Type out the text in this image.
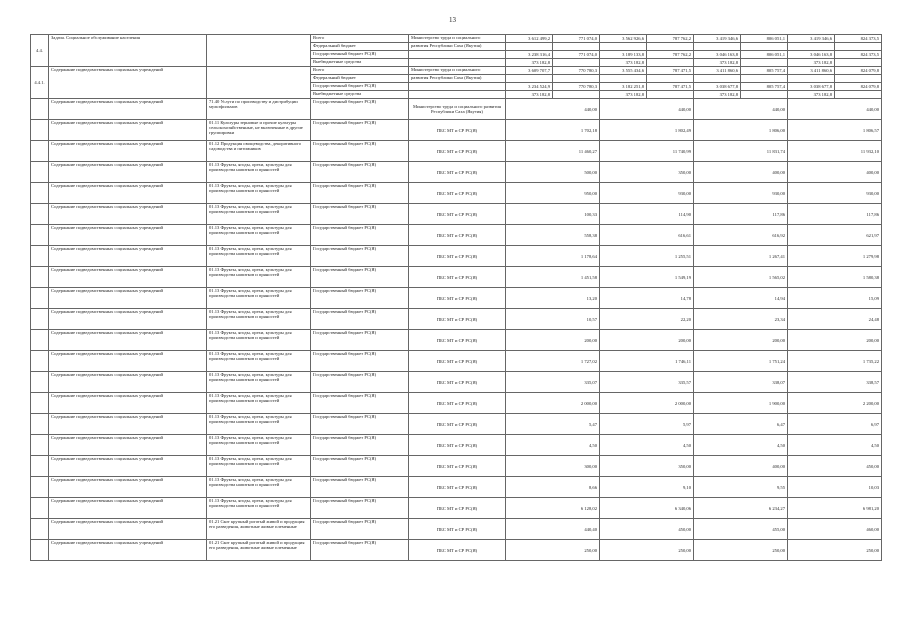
13
4.4.	Задача. Социальное обслуживание населения		Всего	Министерство труда и социального	3 612 499,2	771 074,0	3 562 926,6	787 762,2	3 419 346,6	806 051,1	3 419 346,6	824 373,5
			Федеральный бюджет	развития Республики Саха (Якутия)								
			Государственный бюджет РС(Я)		3 238 316,4	771 074,0	3 189 133,8	787 762,2	3 046 163,8	806 051,1	3 046 163,8	824 373,5
			Внебюджетные средства		373 182,8		373 182,8		373 182,8		373 182,8	
4.4.1.	Содержание подведомственных социальных учреждений		Всего	Министерство труда и социального	3 609 707,7	770 780,3	3 555 434,6	787 471,5	3 411 860,6	805 757,4	3 411 860,6	824 079,8
			Федеральный бюджет	развития Республики Саха (Якутия)								
			Государственный бюджет РС(Я)		3 234 524,9	770 780,3	3 182 251,8	787 471,5	3 038 677,8	805 757,4	3 038 677,8	824 079,8
			Внебюджетные средства		373 182,8		373 182,8		373 182,8		373 182,8	
	Содержание подведомственных социальных учреждений	71.40 Услуги по производству и дистрибуции мультфильмов	Государственный бюджет РС(Я)	Министерство труда и социального развития Республики Саха (Якутия)	440,00		440,00		440,00		440,00	
	Содержание подведомственных социальных учреждений	01.11 Культуры зерновые и прочие культуры сельскохозяйственные, не включенные в другие группировки	Государственный бюджет РС(Я)	ПБС МТ и СР РС(Я)	1 702,18		1 802,49		1 806,00		1 806,57	
	Содержание подведомственных социальных учреждений	01.12 Продукция овощеводства, декоративного садоводства и питомников	Государственный бюджет РС(Я)	ПБС МТ и СР РС(Я)	11 460,27		11 740,99		11 831,74		11 932,10	
	Содержание подведомственных социальных учреждений	01.13 Фрукты, ягоды, орехи, культуры для производства напитков и пряностей	Государственный бюджет РС(Я)	ПБС МТ и СР РС(Я)	500,00		350,00		400,00		400,00	
	Содержание подведомственных социальных учреждений	01.13 Фрукты, ягоды, орехи, культуры для производства напитков и пряностей	Государственный бюджет РС(Я)	ПБС МТ и СР РС(Я)	950,00		930,00		930,00		930,00	
	Содержание подведомственных социальных учреждений	01.13 Фрукты, ягоды, орехи, культуры для производства напитков и пряностей	Государственный бюджет РС(Я)	ПБС МТ и СР РС(Я)	100,33		114,90		117,86		117,86	
	Содержание подведомственных социальных учреждений	01.13 Фрукты, ягоды, орехи, культуры для производства напитков и пряностей	Государственный бюджет РС(Я)	ПБС МТ и СР РС(Я)	558,38		616,61		616,92		621,97	
	Содержание подведомственных социальных учреждений	01.13 Фрукты, ягоды, орехи, культуры для производства напитков и пряностей	Государственный бюджет РС(Я)	ПБС МТ и СР РС(Я)	1 178,64		1 255,51		1 267,41		1 279,98	
	Содержание подведомственных социальных учреждений	01.13 Фрукты, ягоды, орехи, культуры для производства напитков и пряностей	Государственный бюджет РС(Я)	ПБС МТ и СР РС(Я)	1 451,58		1 549,19		1 565,02		1 580,38	
	Содержание подведомственных социальных учреждений	01.13 Фрукты, ягоды, орехи, культуры для производства напитков и пряностей	Государственный бюджет РС(Я)	ПБС МТ и СР РС(Я)	13,20		14,78		14,94		15,09	
	Содержание подведомственных социальных учреждений	01.13 Фрукты, ягоды, орехи, культуры для производства напитков и пряностей	Государственный бюджет РС(Я)	ПБС МТ и СР РС(Я)	10,57		22,20		23,34		24,48	
	Содержание подведомственных социальных учреждений	01.13 Фрукты, ягоды, орехи, культуры для производства напитков и пряностей	Государственный бюджет РС(Я)	ПБС МТ и СР РС(Я)	200,00		200,00		200,00		200,00	
	Содержание подведомственных социальных учреждений	01.13 Фрукты, ягоды, орехи, культуры для производства напитков и пряностей	Государственный бюджет РС(Я)	ПБС МТ и СР РС(Я)	1 727,02		1 746,11		1 751,24		1 735,22	
	Содержание подведомственных социальных учреждений	01.13 Фрукты, ягоды, орехи, культуры для производства напитков и пряностей	Государственный бюджет РС(Я)	ПБС МТ и СР РС(Я)	335,07		335,57		338,07		338,57	
	Содержание подведомственных социальных учреждений	01.13 Фрукты, ягоды, орехи, культуры для производства напитков и пряностей	Государственный бюджет РС(Я)	ПБС МТ и СР РС(Я)	2 000,00		2 000,00		1 900,00		2 200,00	
	Содержание подведомственных социальных учреждений	01.13 Фрукты, ягоды, орехи, культуры для производства напитков и пряностей	Государственный бюджет РС(Я)	ПБС МТ и СР РС(Я)	5,47		5,97		6,47		6,97	
	Содержание подведомственных социальных учреждений	01.13 Фрукты, ягоды, орехи, культуры для производства напитков и пряностей	Государственный бюджет РС(Я)	ПБС МТ и СР РС(Я)	4,50		4,50		4,50		4,50	
	Содержание подведомственных социальных учреждений	01.13 Фрукты, ягоды, орехи, культуры для производства напитков и пряностей	Государственный бюджет РС(Я)	ПБС МТ и СР РС(Я)	300,00		350,00		400,00		450,00	
	Содержание подведомственных социальных учреждений	01.13 Фрукты, ягоды, орехи, культуры для производства напитков и пряностей	Государственный бюджет РС(Я)	ПБС МТ и СР РС(Я)	8,66		9,10		9,55		10,03	
	Содержание подведомственных социальных учреждений	01.13 Фрукты, ягоды, орехи, культуры для производства напитков и пряностей	Государственный бюджет РС(Я)	ПБС МТ и СР РС(Я)	6 128,02		6 340,06		6 234,27		6 981,20	
	Содержание подведомственных социальных учреждений	01.21 Скот крупный рогатый живой и продукция его разведения, животные живые племенные	Государственный бюджет РС(Я)	ПБС МТ и СР РС(Я)	440,40		450,00		455,00		460,00	
	Содержание подведомственных социальных учреждений	01.21 Скот крупный рогатый живой и продукция его разведения, животные живые племенные	Государственный бюджет РС(Я)	ПБС МТ и СР РС(Я)	250,00		250,00		250,00		250,00	
